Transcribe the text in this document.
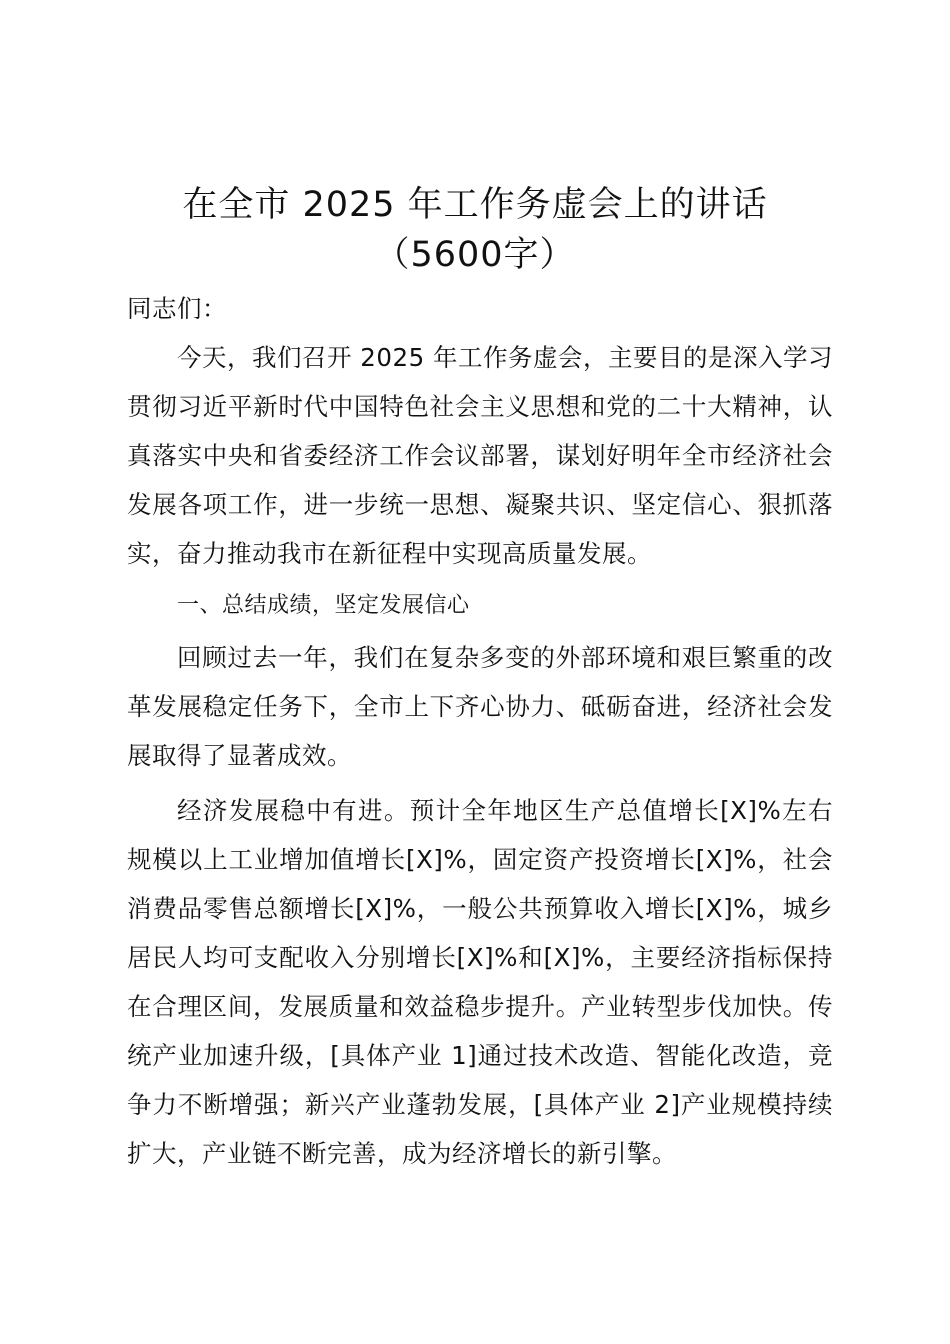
在全市 2025 年工作务虚会上的讲话（5600字）

同志们：

今天，我们召开 2025 年工作务虚会，主要目的是深入学习贯彻习近平新时代中国特色社会主义思想和党的二十大精神，认真落实中央和省委经济工作会议部署，谋划好明年全市经济社会发展各项工作，进一步统一思想、凝聚共识、坚定信心、狠抓落实，奋力推动我市在新征程中实现高质量发展。

一、总结成绩，坚定发展信心

回顾过去一年，我们在复杂多变的外部环境和艰巨繁重的改革发展稳定任务下，全市上下齐心协力、砥砺奋进，经济社会发展取得了显著成效。

经济发展稳中有进。预计全年地区生产总值增长[X]%左右规模以上工业增加值增长[X]%，固定资产投资增长[X]%，社会消费品零售总额增长[X]%，一般公共预算收入增长[X]%，城乡居民人均可支配收入分别增长[X]%和[X]%，主要经济指标保持在合理区间，发展质量和效益稳步提升。产业转型步伐加快。传统产业加速升级，[具体产业 1]通过技术改造、智能化改造，竞争力不断增强；新兴产业蓬勃发展，[具体产业 2]产业规模持续扩大，产业链不断完善，成为经济增长的新引擎。
